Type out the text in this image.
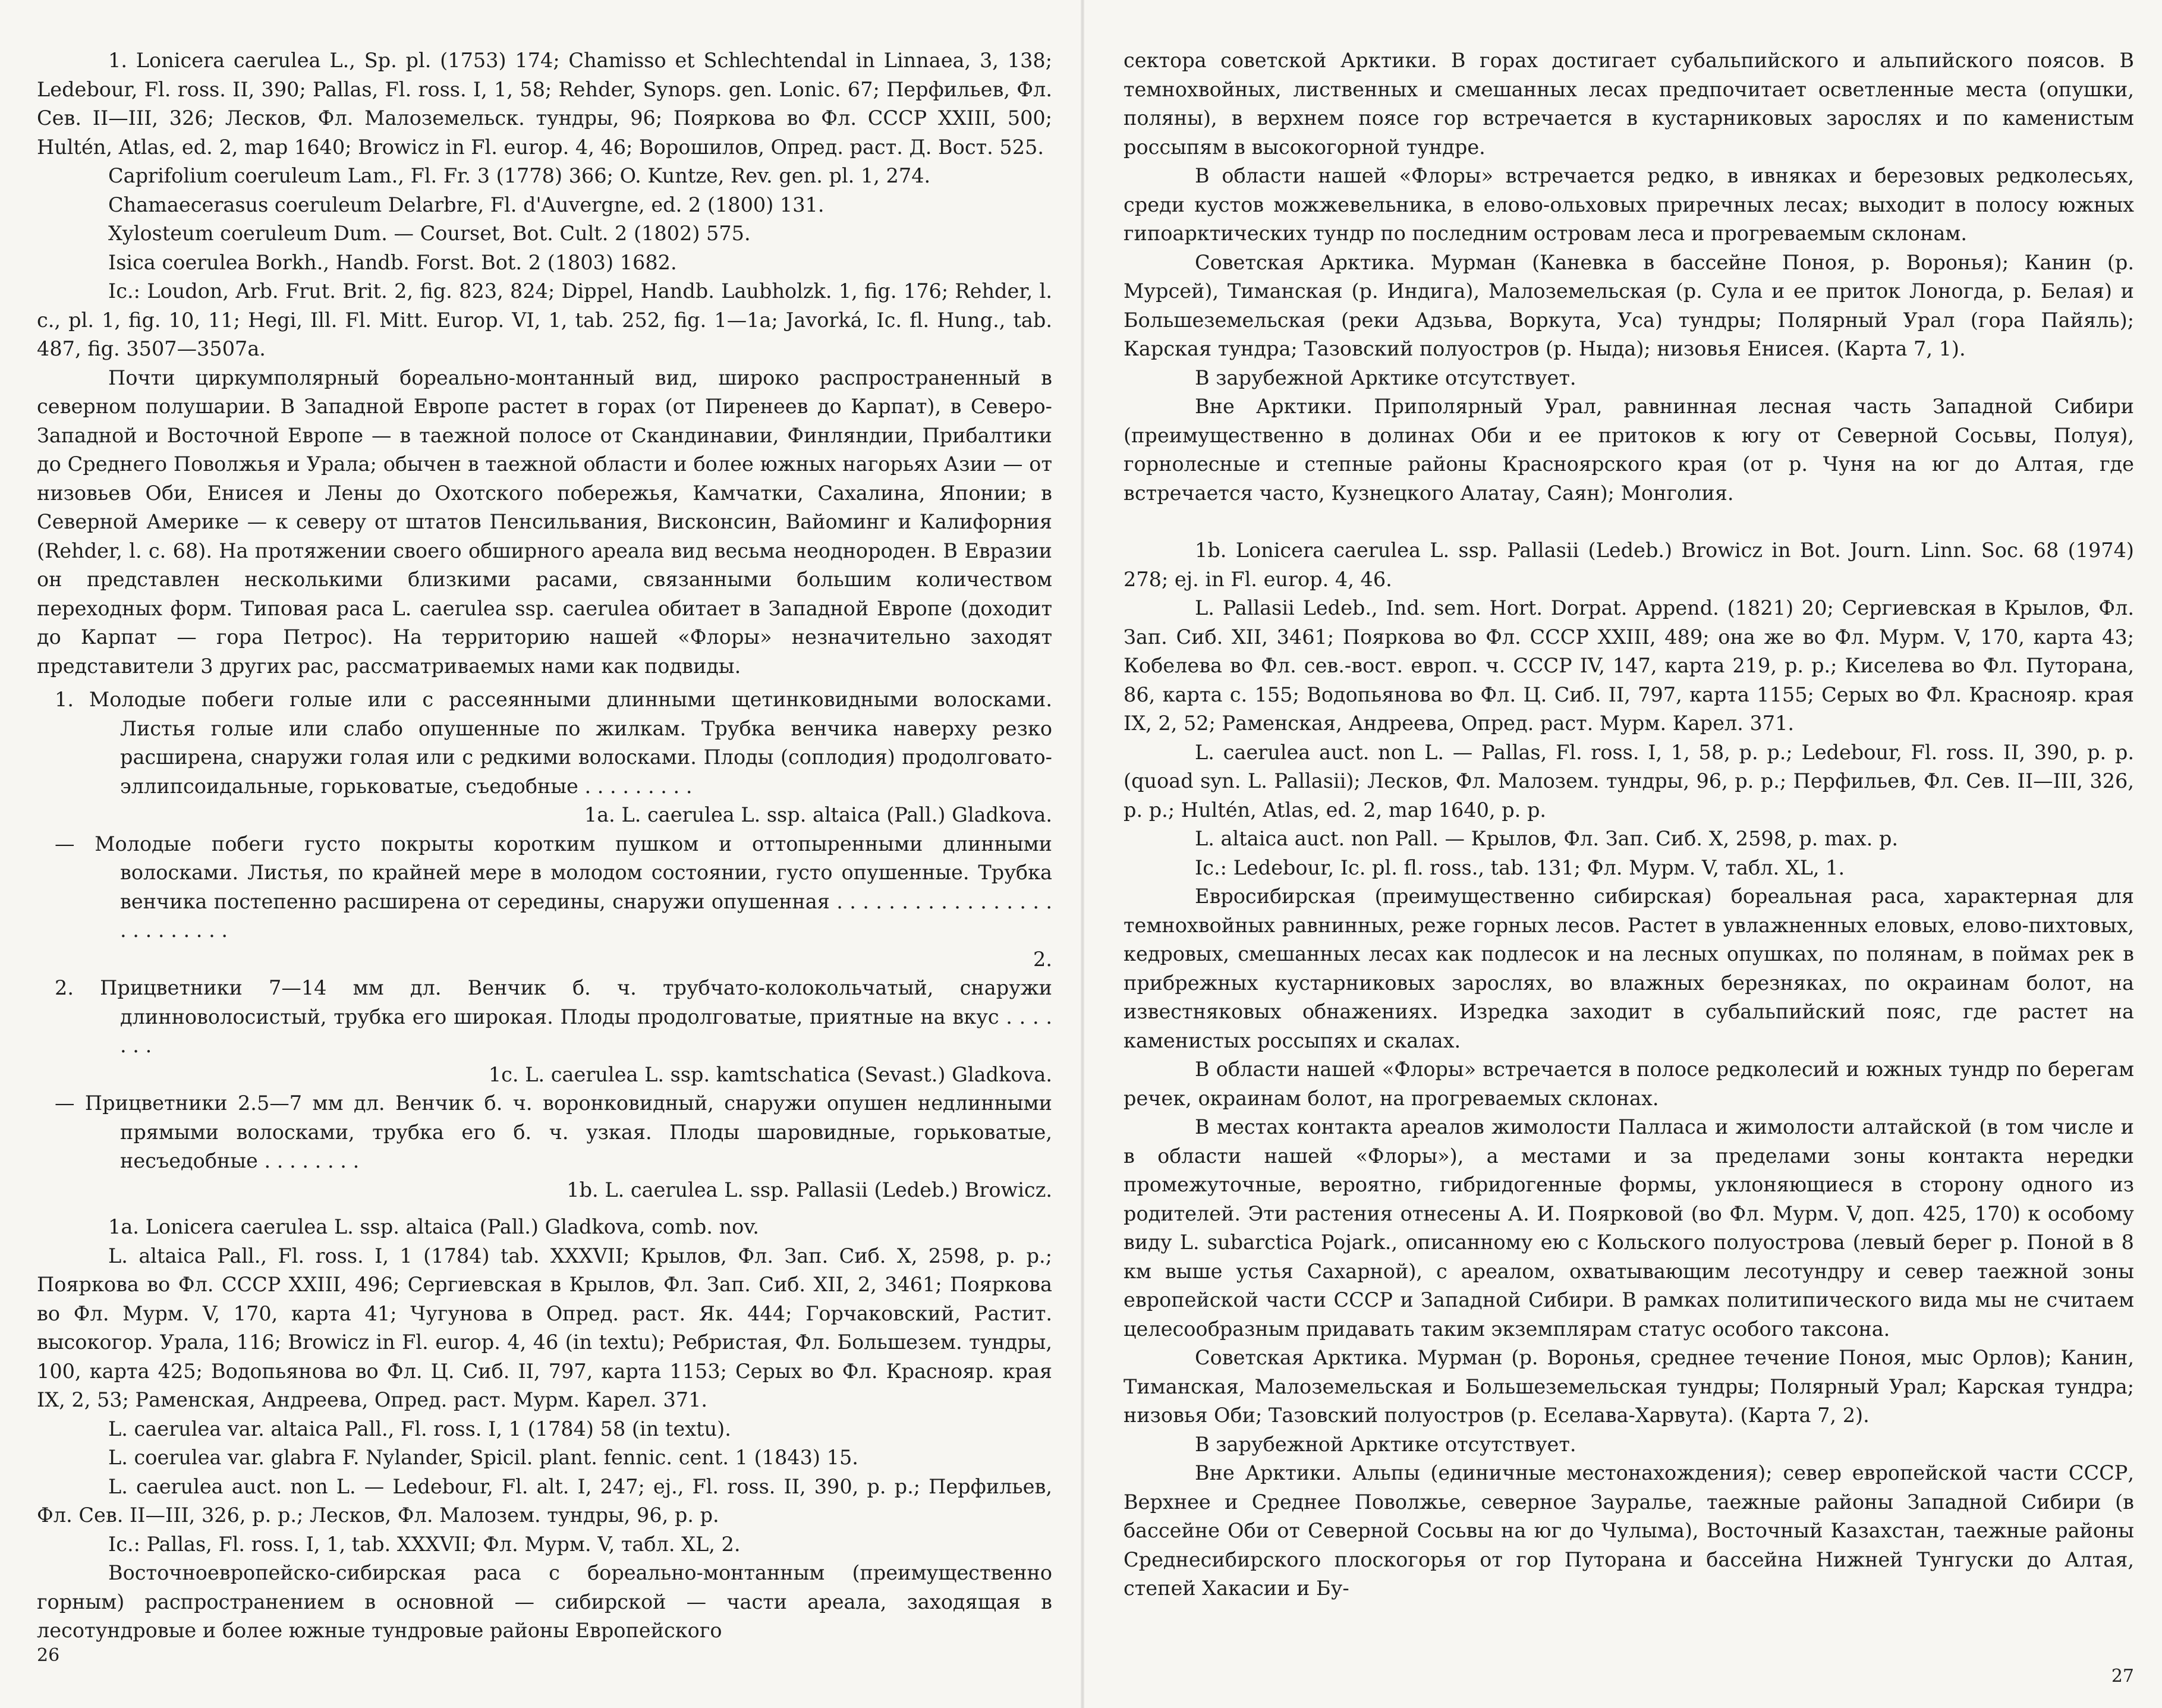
1. Lonicera caerulea L., Sp. pl. (1753) 174; Chamisso et Schlechtendal in Linnaea, 3, 138; Ledebour, Fl. ross. II, 390; Pallas, Fl. ross. I, 1, 58; Rehder, Synops. gen. Lonic. 67; Перфильев, Фл. Сев. II—III, 326; Лесков, Фл. Малоземельск. тундры, 96; Пояркова во Фл. СССР XXIII, 500; Hultén, Atlas, ed. 2, map 1640; Browicz in Fl. europ. 4, 46; Ворошилов, Опред. раст. Д. Вост. 525.

Caprifolium coeruleum Lam., Fl. Fr. 3 (1778) 366; O. Kuntze, Rev. gen. pl. 1, 274.

Chamaecerasus coeruleum Delarbre, Fl. d'Auvergne, ed. 2 (1800) 131.

Xylosteum coeruleum Dum. — Courset, Bot. Cult. 2 (1802) 575.

Isica coerulea Borkh., Handb. Forst. Bot. 2 (1803) 1682.

Ic.: Loudon, Arb. Frut. Brit. 2, fig. 823, 824; Dippel, Handb. Laubholzk. 1, fig. 176; Rehder, l. c., pl. 1, fig. 10, 11; Hegi, Ill. Fl. Mitt. Europ. VI, 1, tab. 252, fig. 1—1a; Javorká, Ic. fl. Hung., tab. 487, fig. 3507—3507a.

Почти циркумполярный бореально-монтанный вид, широко распространенный в северном полушарии. В Западной Европе растет в горах (от Пиренеев до Карпат), в Северо-Западной и Восточной Европе — в таежной полосе от Скандинавии, Финляндии, Прибалтики до Среднего Поволжья и Урала; обычен в таежной области и более южных нагорьях Азии — от низовьев Оби, Енисея и Лены до Охотского побережья, Камчатки, Сахалина, Японии; в Северной Америке — к северу от штатов Пенсильвания, Висконсин, Вайоминг и Калифорния (Rehder, l. c. 68). На протяжении своего обширного ареала вид весьма неоднороден. В Евразии он представлен несколькими близкими расами, связанными большим количеством переходных форм. Типовая раса L. caerulea ssp. caerulea обитает в Западной Европе (доходит до Карпат — гора Петрос). На территорию нашей «Флоры» незначительно заходят представители 3 других рас, рассматриваемых нами как подвиды.

1. Молодые побеги голые или с рассеянными длинными щетинковидными волосками. Листья голые или слабо опушенные по жилкам. Трубка венчика наверху резко расширена, снаружи голая или с редкими волосками. Плоды (соплодия) продолговато-эллипсоидальные, горьковатые, съедобные . . . . . . . . .
1a. L. caerulea L. ssp. altaica (Pall.) Gladkova.
— Молодые побеги густо покрыты коротким пушком и оттопыренными длинными волосками. Листья, по крайней мере в молодом состоянии, густо опушенные. Трубка венчика постепенно расширена от середины, снаружи опушенная . . . . . . . . . . . . . . . . . . . . . . . . . .
2.
2. Прицветники 7—14 мм дл. Венчик б. ч. трубчато-колокольчатый, снаружи длинноволосистый, трубка его широкая. Плоды продолговатые, приятные на вкус . . . . . . .
1c. L. caerulea L. ssp. kamtschatica (Sevast.) Gladkova.
— Прицветники 2.5—7 мм дл. Венчик б. ч. воронковидный, снаружи опушен недлинными прямыми волосками, трубка его б. ч. узкая. Плоды шаровидные, горьковатые, несъедобные . . . . . . . .
1b. L. caerulea L. ssp. Pallasii (Ledeb.) Browicz.

1a. Lonicera caerulea L. ssp. altaica (Pall.) Gladkova, comb. nov.

L. altaica Pall., Fl. ross. I, 1 (1784) tab. XXXVII; Крылов, Фл. Зап. Сиб. X, 2598, p. p.; Пояркова во Фл. СССР XXIII, 496; Сергиевская в Крылов, Фл. Зап. Сиб. XII, 2, 3461; Пояркова во Фл. Мурм. V, 170, карта 41; Чугунова в Опред. раст. Як. 444; Горчаковский, Растит. высокогор. Урала, 116; Browicz in Fl. europ. 4, 46 (in textu); Ребристая, Фл. Большезем. тундры, 100, карта 425; Водопьянова во Фл. Ц. Сиб. II, 797, карта 1153; Серых во Фл. Краснояр. края IX, 2, 53; Раменская, Андреева, Опред. раст. Мурм. Карел. 371.

L. caerulea var. altaica Pall., Fl. ross. I, 1 (1784) 58 (in textu).

L. coerulea var. glabra F. Nylander, Spicil. plant. fennic. cent. 1 (1843) 15.

L. caerulea auct. non L. — Ledebour, Fl. alt. I, 247; ej., Fl. ross. II, 390, p. p.; Перфильев, Фл. Сев. II—III, 326, p. p.; Лесков, Фл. Малозем. тундры, 96, p. p.

Ic.: Pallas, Fl. ross. I, 1, tab. XXXVII; Фл. Мурм. V, табл. XL, 2.

Восточноевропейско-сибирская раса с бореально-монтанным (преимущественно горным) распространением в основной — сибирской — части ареала, заходящая в лесотундровые и более южные тундровые районы Европейского

26

сектора советской Арктики. В горах достигает субальпийского и альпийского поясов. В темнохвойных, лиственных и смешанных лесах предпочитает осветленные места (опушки, поляны), в верхнем поясе гор встречается в кустарниковых зарослях и по каменистым россыпям в высокогорной тундре.

В области нашей «Флоры» встречается редко, в ивняках и березовых редколесьях, среди кустов можжевельника, в елово-ольховых приречных лесах; выходит в полосу южных гипоарктических тундр по последним островам леса и прогреваемым склонам.

Советская Арктика. Мурман (Каневка в бассейне Поноя, р. Воронья); Канин (р. Мурсей), Тиманская (р. Индига), Малоземельская (р. Сула и ее приток Лоногда, р. Белая) и Большеземельская (реки Адзьва, Воркута, Уса) тундры; Полярный Урал (гора Пайяль); Карская тундра; Тазовский полуостров (р. Ныда); низовья Енисея. (Карта 7, 1).

В зарубежной Арктике отсутствует.

Вне Арктики. Приполярный Урал, равнинная лесная часть Западной Сибири (преимущественно в долинах Оби и ее притоков к югу от Северной Сосьвы, Полуя), горнолесные и степные районы Красноярского края (от р. Чуня на юг до Алтая, где встречается часто, Кузнецкого Алатау, Саян); Монголия.

1b. Lonicera caerulea L. ssp. Pallasii (Ledeb.) Browicz in Bot. Journ. Linn. Soc. 68 (1974) 278; ej. in Fl. europ. 4, 46.

L. Pallasii Ledeb., Ind. sem. Hort. Dorpat. Append. (1821) 20; Сергиевская в Крылов, Фл. Зап. Сиб. XII, 3461; Пояркова во Фл. СССР XXIII, 489; она же во Фл. Мурм. V, 170, карта 43; Кобелева во Фл. сев.-вост. европ. ч. СССР IV, 147, карта 219, p. p.; Киселева во Фл. Путорана, 86, карта с. 155; Водопьянова во Фл. Ц. Сиб. II, 797, карта 1155; Серых во Фл. Краснояр. края IX, 2, 52; Раменская, Андреева, Опред. раст. Мурм. Карел. 371.

L. caerulea auct. non L. — Pallas, Fl. ross. I, 1, 58, p. p.; Ledebour, Fl. ross. II, 390, p. p. (quoad syn. L. Pallasii); Лесков, Фл. Малозем. тундры, 96, p. p.; Перфильев, Фл. Сев. II—III, 326, p. p.; Hultén, Atlas, ed. 2, map 1640, p. p.

L. altaica auct. non Pall. — Крылов, Фл. Зап. Сиб. X, 2598, p. max. p.

Ic.: Ledebour, Ic. pl. fl. ross., tab. 131; Фл. Мурм. V, табл. XL, 1.

Евросибирская (преимущественно сибирская) бореальная раса, характерная для темнохвойных равнинных, реже горных лесов. Растет в увлажненных еловых, елово-пихтовых, кедровых, смешанных лесах как подлесок и на лесных опушках, по полянам, в поймах рек в прибрежных кустарниковых зарослях, во влажных березняках, по окраинам болот, на известняковых обнажениях. Изредка заходит в субальпийский пояс, где растет на каменистых россыпях и скалах.

В области нашей «Флоры» встречается в полосе редколесий и южных тундр по берегам речек, окраинам болот, на прогреваемых склонах.

В местах контакта ареалов жимолости Палласа и жимолости алтайской (в том числе и в области нашей «Флоры»), а местами и за пределами зоны контакта нередки промежуточные, вероятно, гибридогенные формы, уклоняющиеся в сторону одного из родителей. Эти растения отнесены А. И. Поярковой (во Фл. Мурм. V, доп. 425, 170) к особому виду L. subarctica Pojark., описанному ею с Кольского полуострова (левый берег р. Поной в 8 км выше устья Сахарной), с ареалом, охватывающим лесотундру и север таежной зоны европейской части СССР и Западной Сибири. В рамках политипического вида мы не считаем целесообразным придавать таким экземплярам статус особого таксона.

Советская Арктика. Мурман (р. Воронья, среднее течение Поноя, мыс Орлов); Канин, Тиманская, Малоземельская и Большеземельская тундры; Полярный Урал; Карская тундра; низовья Оби; Тазовский полуостров (р. Еселава-Харвута). (Карта 7, 2).

В зарубежной Арктике отсутствует.

Вне Арктики. Альпы (единичные местонахождения); север европейской части СССР, Верхнее и Среднее Поволжье, северное Зауралье, таежные районы Западной Сибири (в бассейне Оби от Северной Сосьвы на юг до Чулыма), Восточный Казахстан, таежные районы Среднесибирского плоскогорья от гор Путорана и бассейна Нижней Тунгуски до Алтая, степей Хакасии и Бу-

27
